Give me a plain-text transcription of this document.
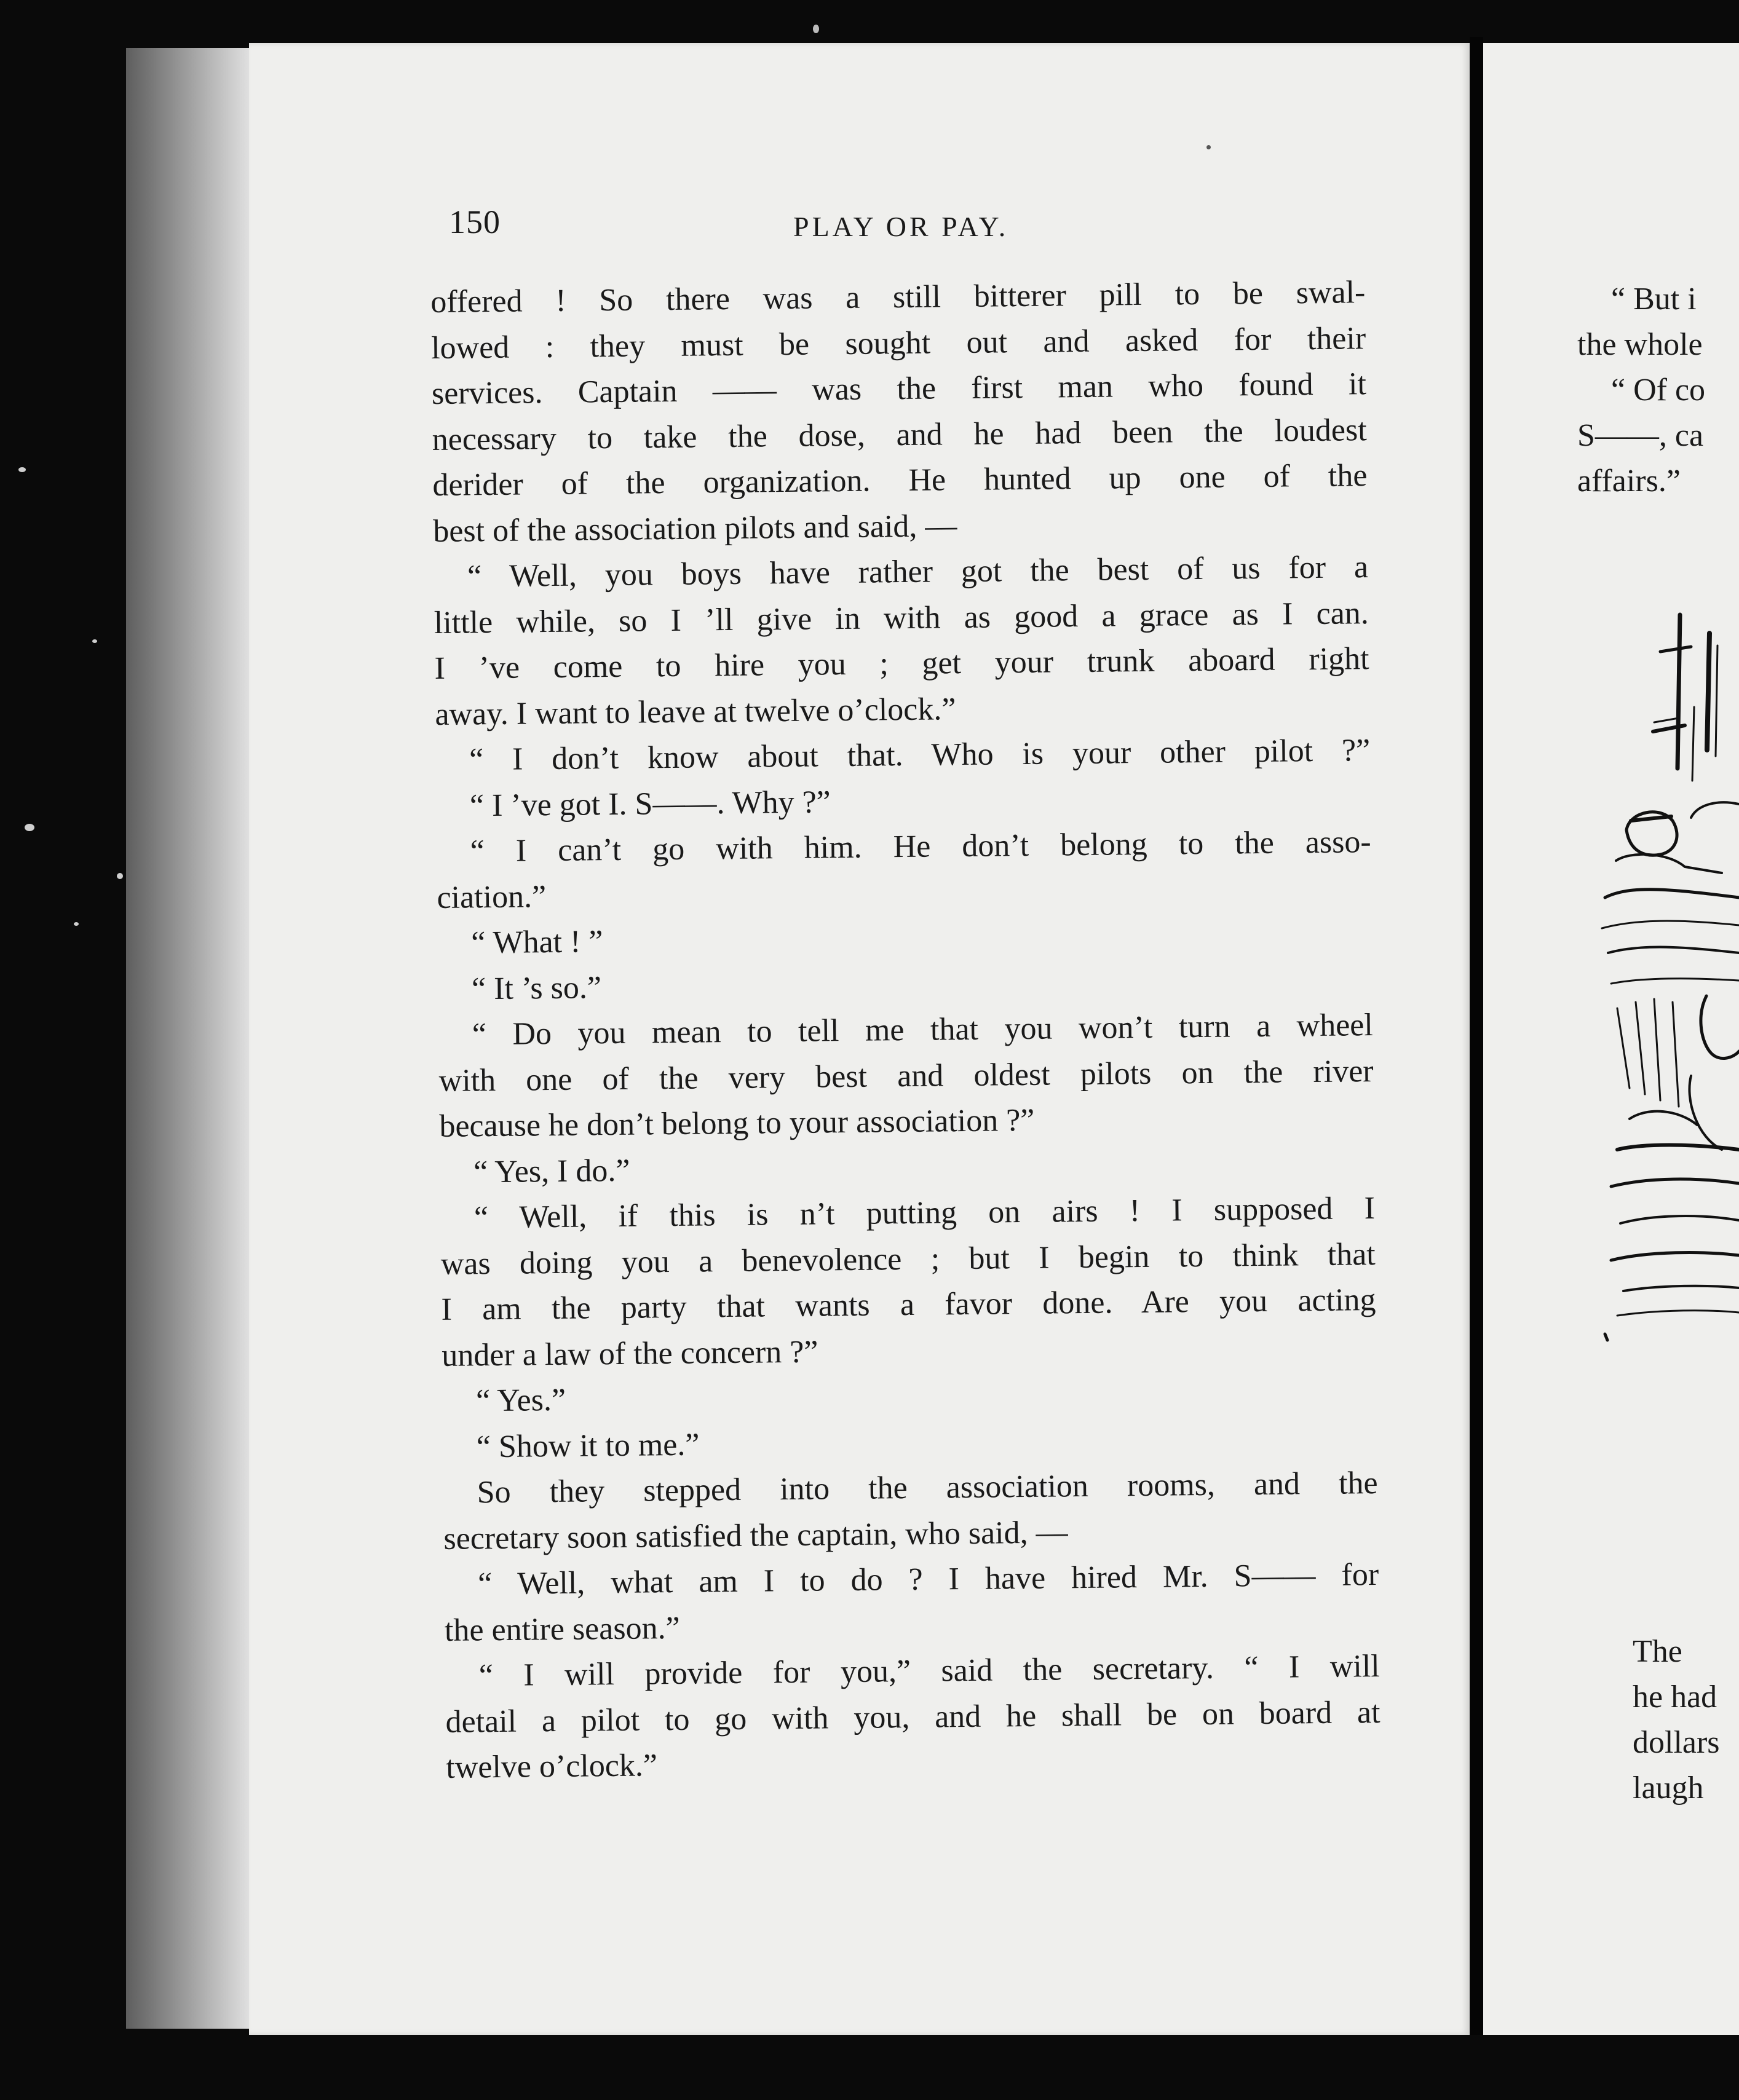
150	PLAY OR PAY.

offered ! So there was a still bitterer pill to be swal-

lowed : they must be sought out and asked for their

services. Captain —— was the first man who found it

necessary to take the dose, and he had been the loudest

derider of the organization. He hunted up one of the

best of the association pilots and said, —

“ Well, you boys have rather got the best of us for a

little while, so I ’ll give in with as good a grace as I can.

I ’ve come to hire you ; get your trunk aboard right

away. I want to leave at twelve o’clock.”

“ I don’t know about that. Who is your other pilot ?”

“ I ’ve got I. S——. Why ?”

“ I can’t go with him. He don’t belong to the asso-

ciation.”

“ What ! ”

“ It ’s so.”

“ Do you mean to tell me that you won’t turn a wheel

with one of the very best and oldest pilots on the river

because he don’t belong to your association ?”

“ Yes, I do.”

“ Well, if this is n’t putting on airs ! I supposed I

was doing you a benevolence ; but I begin to think that

I am the party that wants a favor done. Are you acting

under a law of the concern ?”

“ Yes.”

“ Show it to me.”

So they stepped into the association rooms, and the

secretary soon satisfied the captain, who said, —

“ Well, what am I to do ? I have hired Mr. S—— for

the entire season.”

“ I will provide for you,” said the secretary. “ I will

detail a pilot to go with you, and he shall be on board at

twelve o’clock.”

“ But i

the whole

“ Of co

S——, ca

affairs.”

The

he had

dollars

laugh
